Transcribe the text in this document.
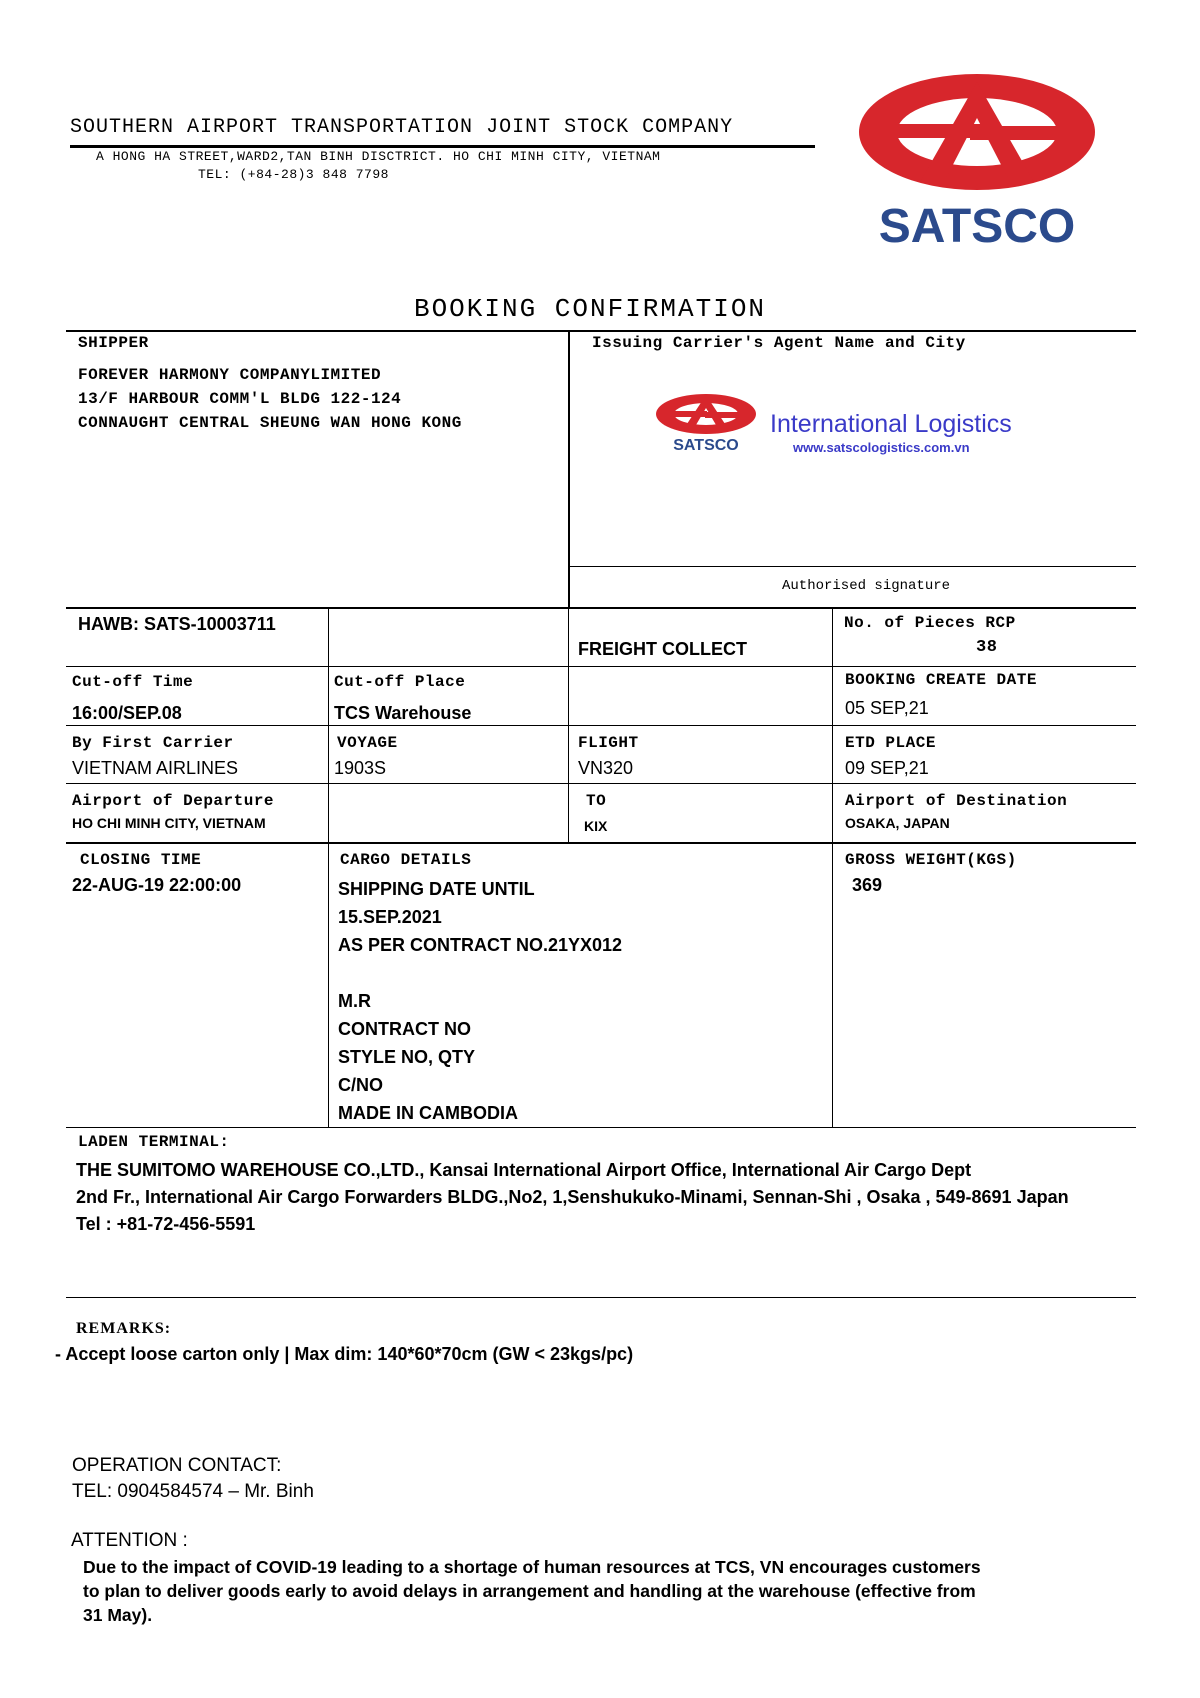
SOUTHERN AIRPORT TRANSPORTATION JOINT STOCK COMPANY
A HONG HA STREET,WARD2,TAN BINH DISCTRICT. HO CHI MINH CITY, VIETNAM
TEL: (+84-28)3 848 7798
SATSCO
BOOKING CONFIRMATION
SHIPPER
FOREVER HARMONY COMPANYLIMITED
13/F HARBOUR COMM'L BLDG 122-124
CONNAUGHT CENTRAL SHEUNG WAN HONG KONG
Issuing Carrier's Agent Name and City
SATSCO
International Logistics
www.satscologistics.com.vn
Authorised signature
HAWB: SATS-10003711
FREIGHT COLLECT
No. of Pieces RCP
38
Cut-off Time
16:00/SEP.08
Cut-off Place
TCS Warehouse
BOOKING CREATE DATE
05 SEP,21
By First Carrier
VIETNAM AIRLINES
VOYAGE
1903S
FLIGHT
VN320
ETD PLACE
09 SEP,21
Airport of Departure
HO CHI MINH CITY, VIETNAM
TO
KIX
Airport of Destination
OSAKA, JAPAN
CLOSING TIME
22-AUG-19 22:00:00
CARGO DETAILS
SHIPPING DATE UNTIL
15.SEP.2021
AS PER CONTRACT NO.21YX012
M.R
CONTRACT NO
STYLE NO, QTY
C/NO
MADE IN CAMBODIA
GROSS WEIGHT(KGS)
369
LADEN TERMINAL:
THE SUMITOMO WAREHOUSE CO.,LTD., Kansai International Airport Office, International Air Cargo Dept
2nd Fr., International Air Cargo Forwarders BLDG.,No2, 1,Senshukuko-Minami, Sennan-Shi , Osaka , 549-8691 Japan
Tel : +81-72-456-5591
REMARKS:
- Accept loose carton only | Max dim: 140*60*70cm (GW < 23kgs/pc)
OPERATION CONTACT:
TEL: 0904584574 – Mr. Binh
ATTENTION :
Due to the impact of COVID-19 leading to a shortage of human resources at TCS, VN encourages customers to plan to deliver goods early to avoid delays in arrangement and handling at the warehouse (effective from 31 May).
